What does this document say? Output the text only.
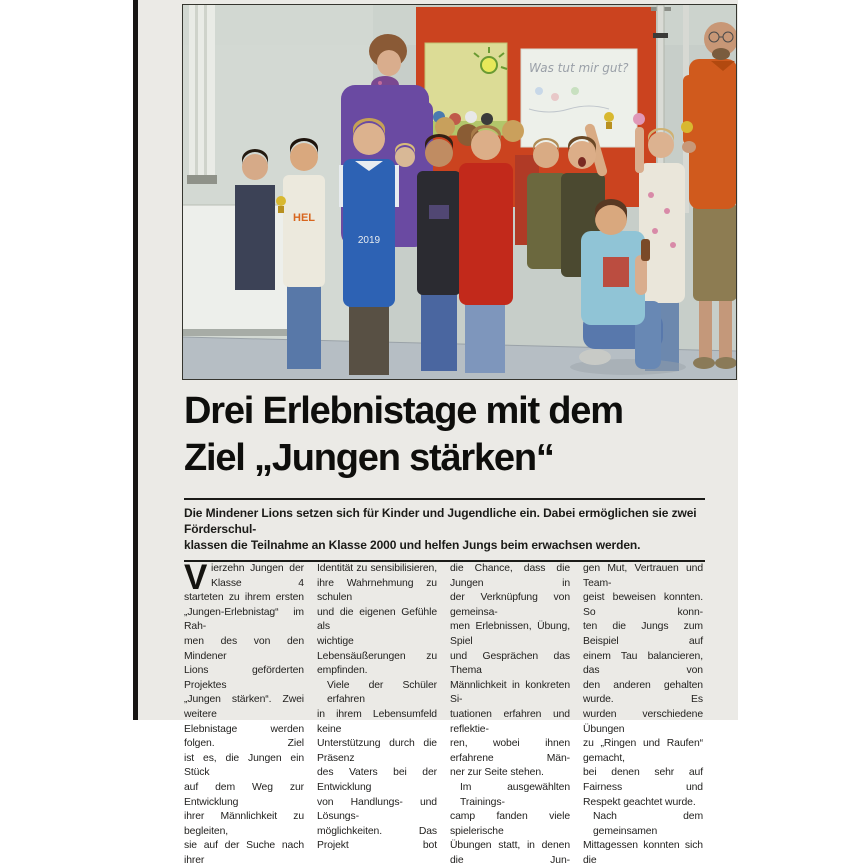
Was tut mir gut?
HEL
2019
Drei Erlebnistage mit dem
Ziel „Jungen stärken“
Die Mindener Lions setzen sich für Kinder und Jugendliche ein. Dabei ermöglichen sie zwei Förderschul-
klassen die Teilnahme an Klasse 2000 und helfen Jungs beim erwachsen werden.
V ierzehn Jungen der Klasse 4
starteten zu ihrem ersten
„Jungen-Erlebnistag“ im Rah-
men des von den Mindener
Lions geförderten Projektes
„Jungen stärken“. Zwei weitere
Elebnistage werden folgen. Ziel
ist es, die Jungen ein Stück
auf dem Weg zur Entwicklung
ihrer Männlichkeit zu begleiten,
sie auf der Suche nach ihrer
Identität zu sensibilisieren,
ihre Wahrnehmung zu schulen
und die eigenen Gefühle als
wichtige Lebensäußerungen zu
empfinden.
Viele der Schüler erfahren
in ihrem Lebensumfeld keine
Unterstützung durch die Präsenz
des Vaters bei der Entwicklung
von Handlungs- und Lösungs-
möglichkeiten. Das Projekt bot
die Chance, dass die Jungen in
der Verknüpfung von gemeinsa-
men Erlebnissen, Übung, Spiel
und Gesprächen das Thema
Männlichkeit in konkreten Si-
tuationen erfahren und reflektie-
ren, wobei ihnen erfahrene Män-
ner zur Seite stehen.
Im ausgewählten Trainings-
camp fanden viele spielerische
Übungen statt, in denen die Jun-
gen Mut, Vertrauen und Team-
geist beweisen konnten. So konn-
ten die Jungs zum Beispiel auf
einem Tau balancieren, das von
den anderen gehalten wurde. Es
wurden verschiedene Übungen
zu „Ringen und Raufen“ gemacht,
bei denen sehr auf Fairness und
Respekt geachtet wurde.
Nach dem gemeinsamen
Mittagessen konnten sich die
